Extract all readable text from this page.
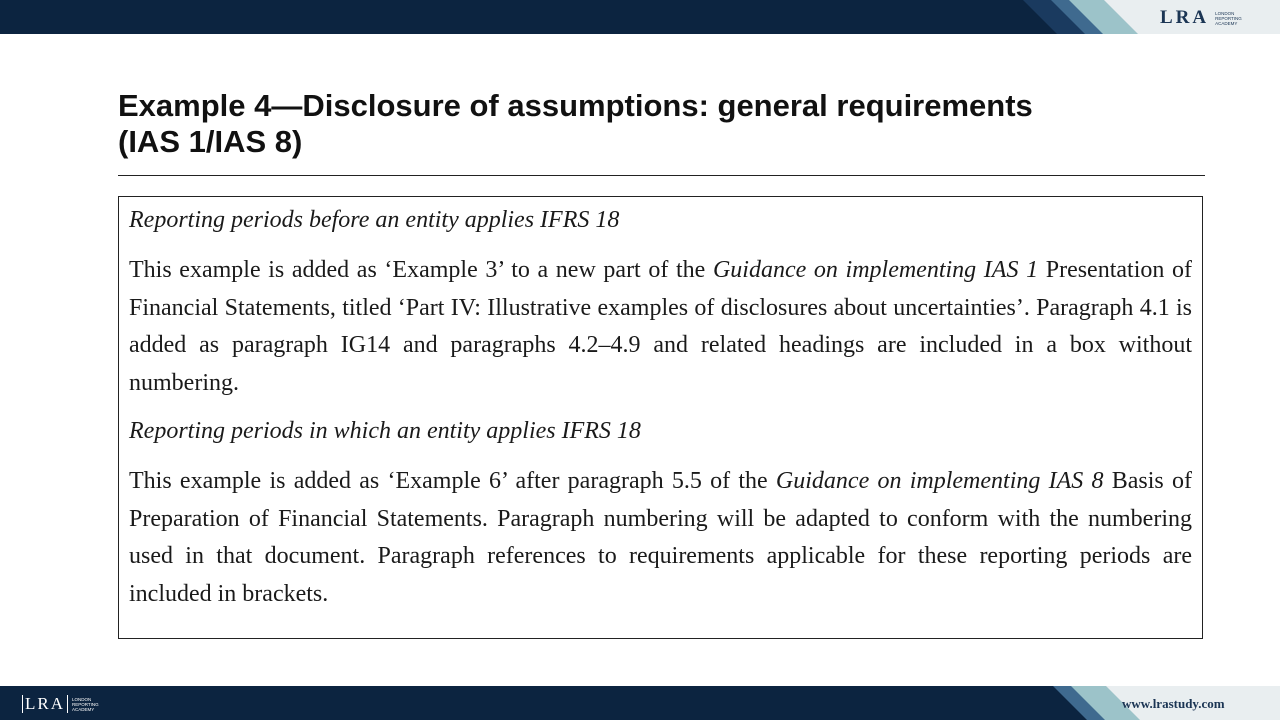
LRA LONDON REPORTING ACADEMY
Example 4—Disclosure of assumptions: general requirements
(IAS 1/IAS 8)

Reporting periods before an entity applies IFRS 18

This example is added as ‘Example 3’ to a new part of the Guidance on implementing IAS 1 Presentation of Financial Statements, titled ‘Part IV: Illustrative examples of disclosures about uncertainties’. Paragraph 4.1 is added as paragraph IG14 and paragraphs 4.2–4.9 and related headings are included in a box without numbering.

Reporting periods in which an entity applies IFRS 18

This example is added as ‘Example 6’ after paragraph 5.5 of the Guidance on implementing IAS 8 Basis of Preparation of Financial Statements. Paragraph numbering will be adapted to conform with the numbering used in that document. Paragraph references to requirements applicable for these reporting periods are included in brackets.

LRA	LONDON REPORTING ACADEMY	www.lrastudy.com
